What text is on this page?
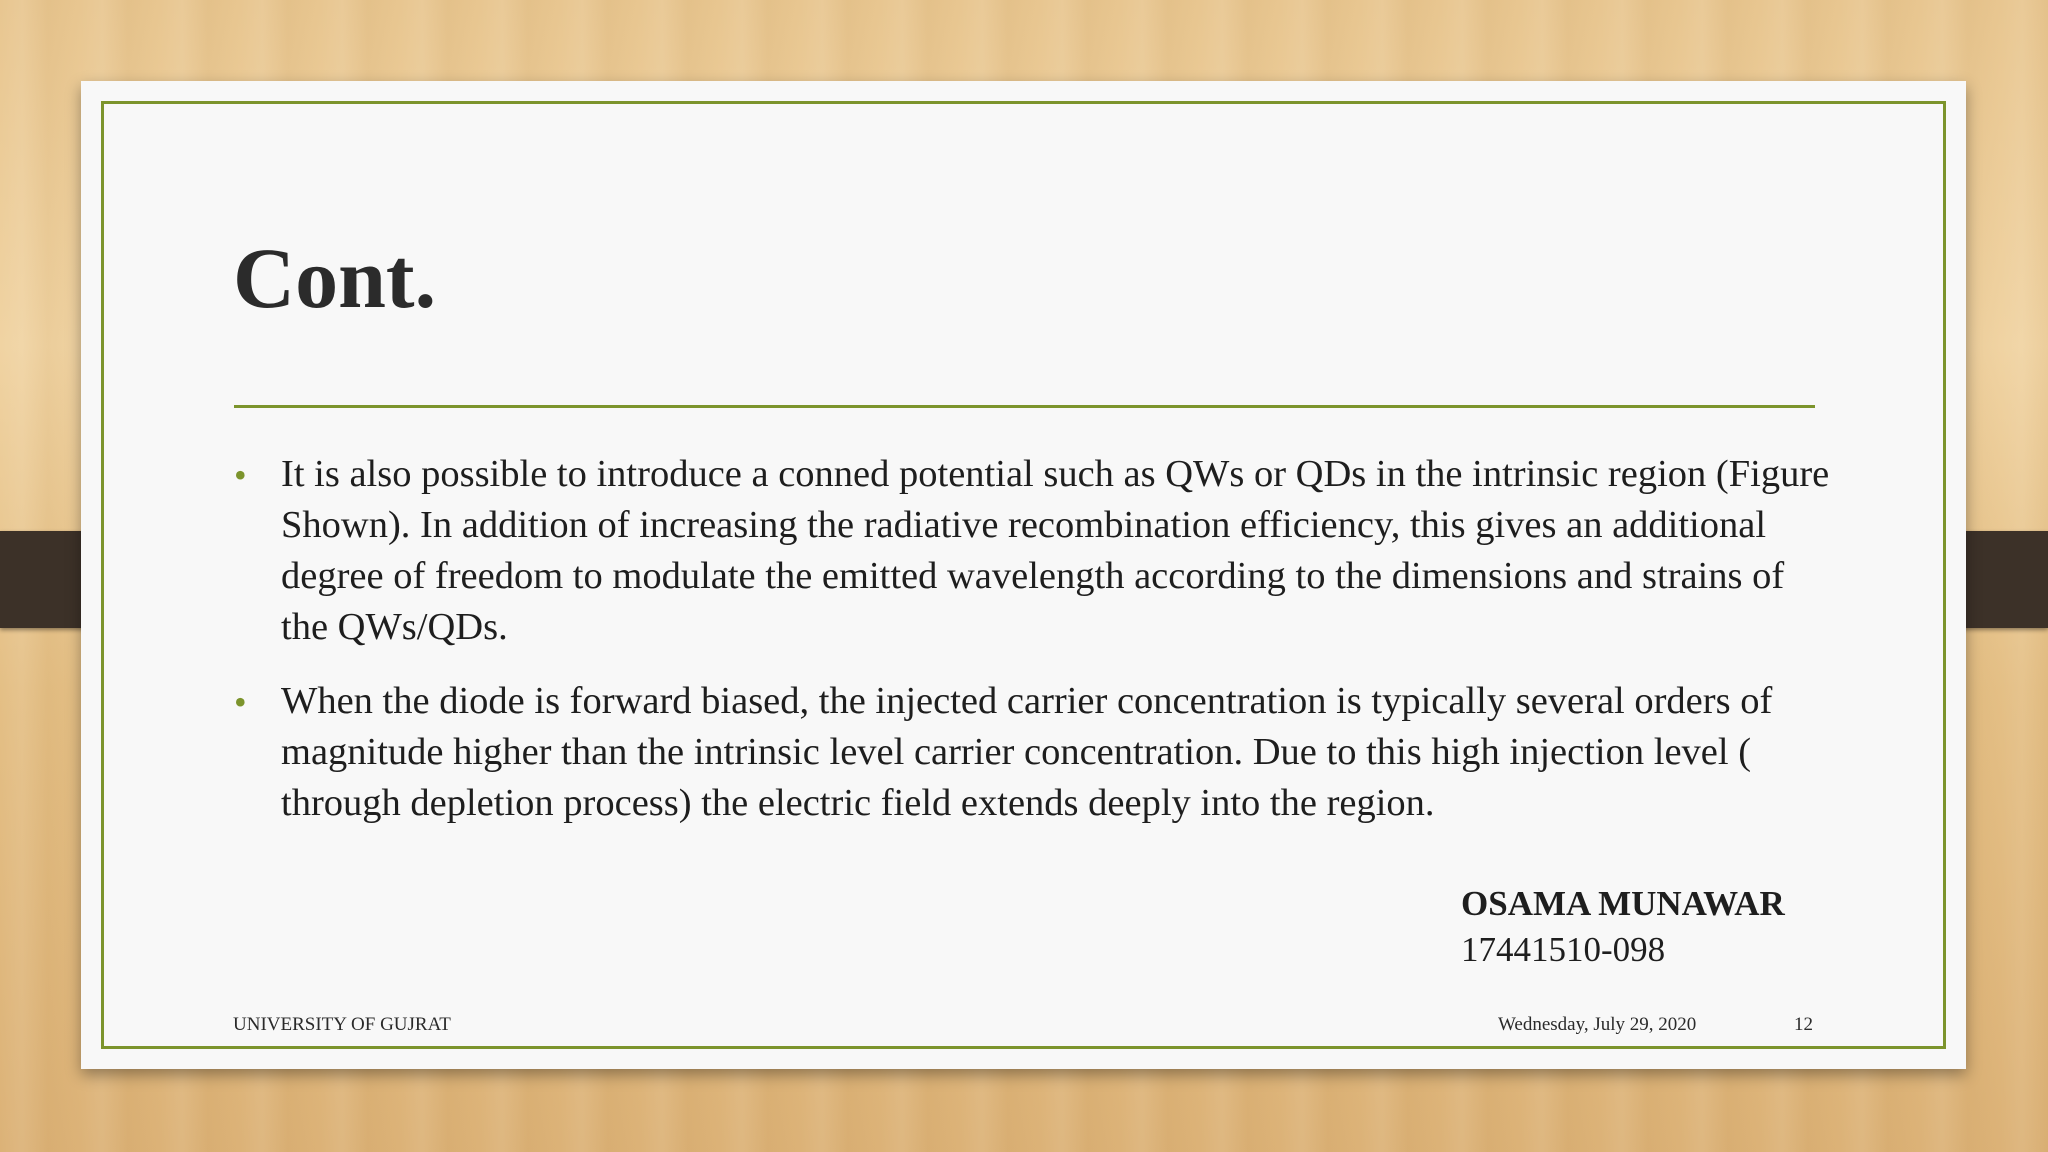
Cont.
• It is also possible to introduce a conned potential such as QWs or QDs in the intrinsic region (Figure Shown). In addition of increasing the radiative recombination efficiency, this gives an additional degree of freedom to modulate the emitted wavelength according to the dimensions and strains of the QWs/QDs.
• When the diode is forward biased, the injected carrier concentration is typically several orders of magnitude higher than the intrinsic level carrier concentration. Due to this high injection level ( through depletion process) the electric field extends deeply into the region.
OSAMA MUNAWAR
17441510-098
UNIVERSITY OF GUJRAT	Wednesday, July 29, 2020	12
